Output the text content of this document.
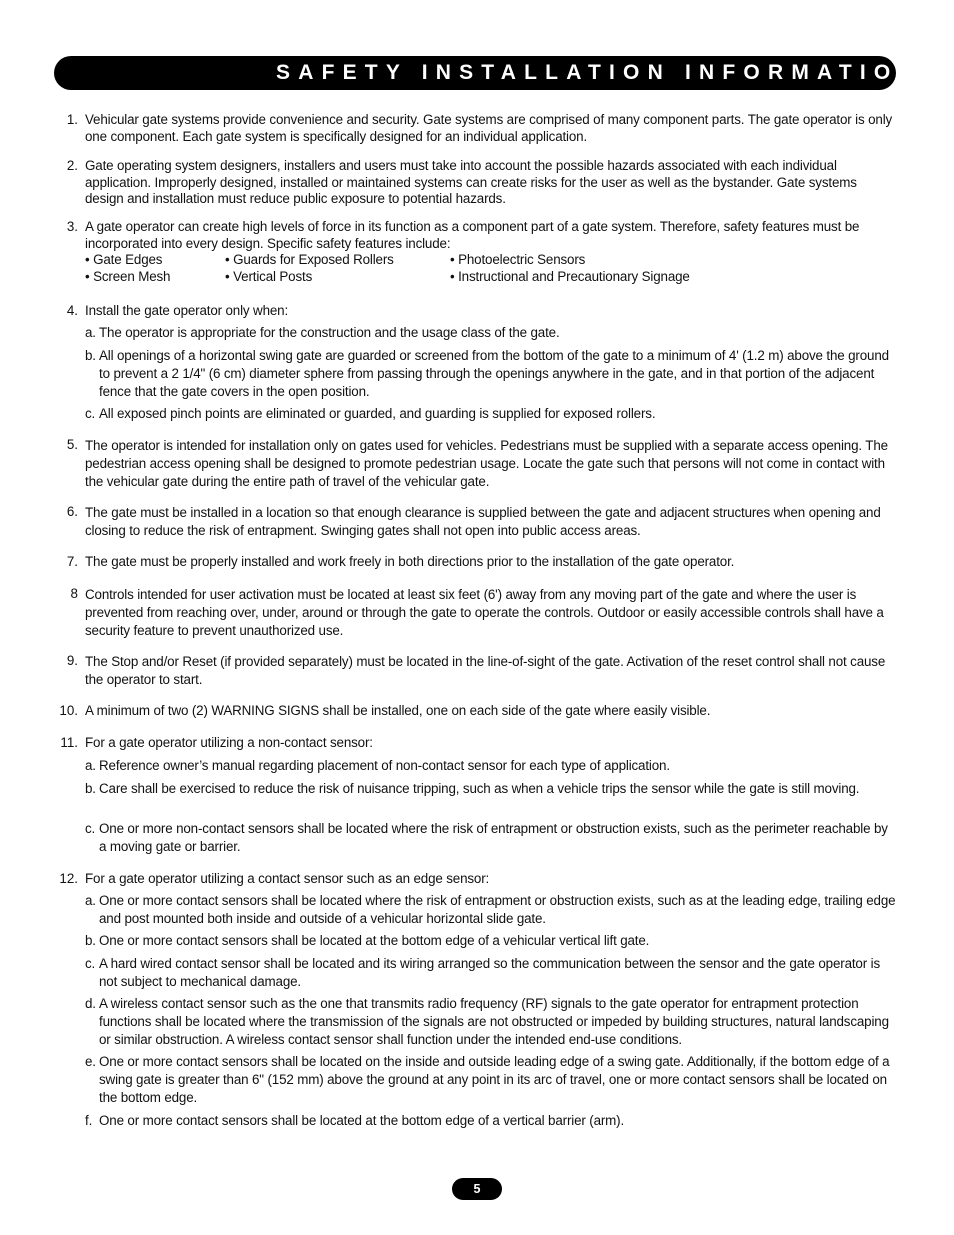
SAFETY INSTALLATION INFORMATION
1. Vehicular gate systems provide convenience and security. Gate systems are comprised of many component parts. The gate operator is only one component. Each gate system is specifically designed for an individual application.

2. Gate operating system designers, installers and users must take into account the possible hazards associated with each individual application. Improperly designed, installed or maintained systems can create risks for the user as well as the bystander. Gate systems design and installation must reduce public exposure to potential hazards.

3. A gate operator can create high levels of force in its function as a component part of a gate system. Therefore, safety features must be incorporated into every design. Specific safety features include:

• Gate Edges	• Guards for Exposed Rollers	• Photoelectric Sensors
• Screen Mesh	• Vertical Posts	• Instructional and Precautionary Signage
4. Install the gate operator only when:

a. The operator is appropriate for the construction and the usage class of the gate.
b. All openings of a horizontal swing gate are guarded or screened from the bottom of the gate to a minimum of 4' (1.2 m) above the ground to prevent a 2 1/4" (6 cm) diameter sphere from passing through the openings anywhere in the gate, and in that portion of the adjacent fence that the gate covers in the open position.
c. All exposed pinch points are eliminated or guarded, and guarding is supplied for exposed rollers.
5. The operator is intended for installation only on gates used for vehicles. Pedestrians must be supplied with a separate access opening. The pedestrian access opening shall be designed to promote pedestrian usage. Locate the gate such that persons will not come in contact with the vehicular gate during the entire path of travel of the vehicular gate.

6. The gate must be installed in a location so that enough clearance is supplied between the gate and adjacent structures when opening and closing to reduce the risk of entrapment. Swinging gates shall not open into public access areas.

7. The gate must be properly installed and work freely in both directions prior to the installation of the gate operator.

8 Controls intended for user activation must be located at least six feet (6') away from any moving part of the gate and where the user is prevented from reaching over, under, around or through the gate to operate the controls. Outdoor or easily accessible controls shall have a security feature to prevent unauthorized use.

9. The Stop and/or Reset (if provided separately) must be located in the line-of-sight of the gate. Activation of the reset control shall not cause the operator to start.

10. A minimum of two (2) WARNING SIGNS shall be installed, one on each side of the gate where easily visible.

11. For a gate operator utilizing a non-contact sensor:

a. Reference owner’s manual regarding placement of non-contact sensor for each type of application.
b. Care shall be exercised to reduce the risk of nuisance tripping, such as when a vehicle trips the sensor while the gate is still moving.
c. One or more non-contact sensors shall be located where the risk of entrapment or obstruction exists, such as the perimeter reachable by a moving gate or barrier.
12. For a gate operator utilizing a contact sensor such as an edge sensor:

a. One or more contact sensors shall be located where the risk of entrapment or obstruction exists, such as at the leading edge, trailing edge and post mounted both inside and outside of a vehicular horizontal slide gate.
b. One or more contact sensors shall be located at the bottom edge of a vehicular vertical lift gate.
c. A hard wired contact sensor shall be located and its wiring arranged so the communication between the sensor and the gate operator is not subject to mechanical damage.
d. A wireless contact sensor such as the one that transmits radio frequency (RF) signals to the gate operator for entrapment protection functions shall be located where the transmission of the signals are not obstructed or impeded by building structures, natural landscaping or similar obstruction. A wireless contact sensor shall function under the intended end-use conditions.
e. One or more contact sensors shall be located on the inside and outside leading edge of a swing gate. Additionally, if the bottom edge of a swing gate is greater than 6" (152 mm) above the ground at any point in its arc of travel, one or more contact sensors shall be located on the bottom edge.
f. One or more contact sensors shall be located at the bottom edge of a vertical barrier (arm).
5
